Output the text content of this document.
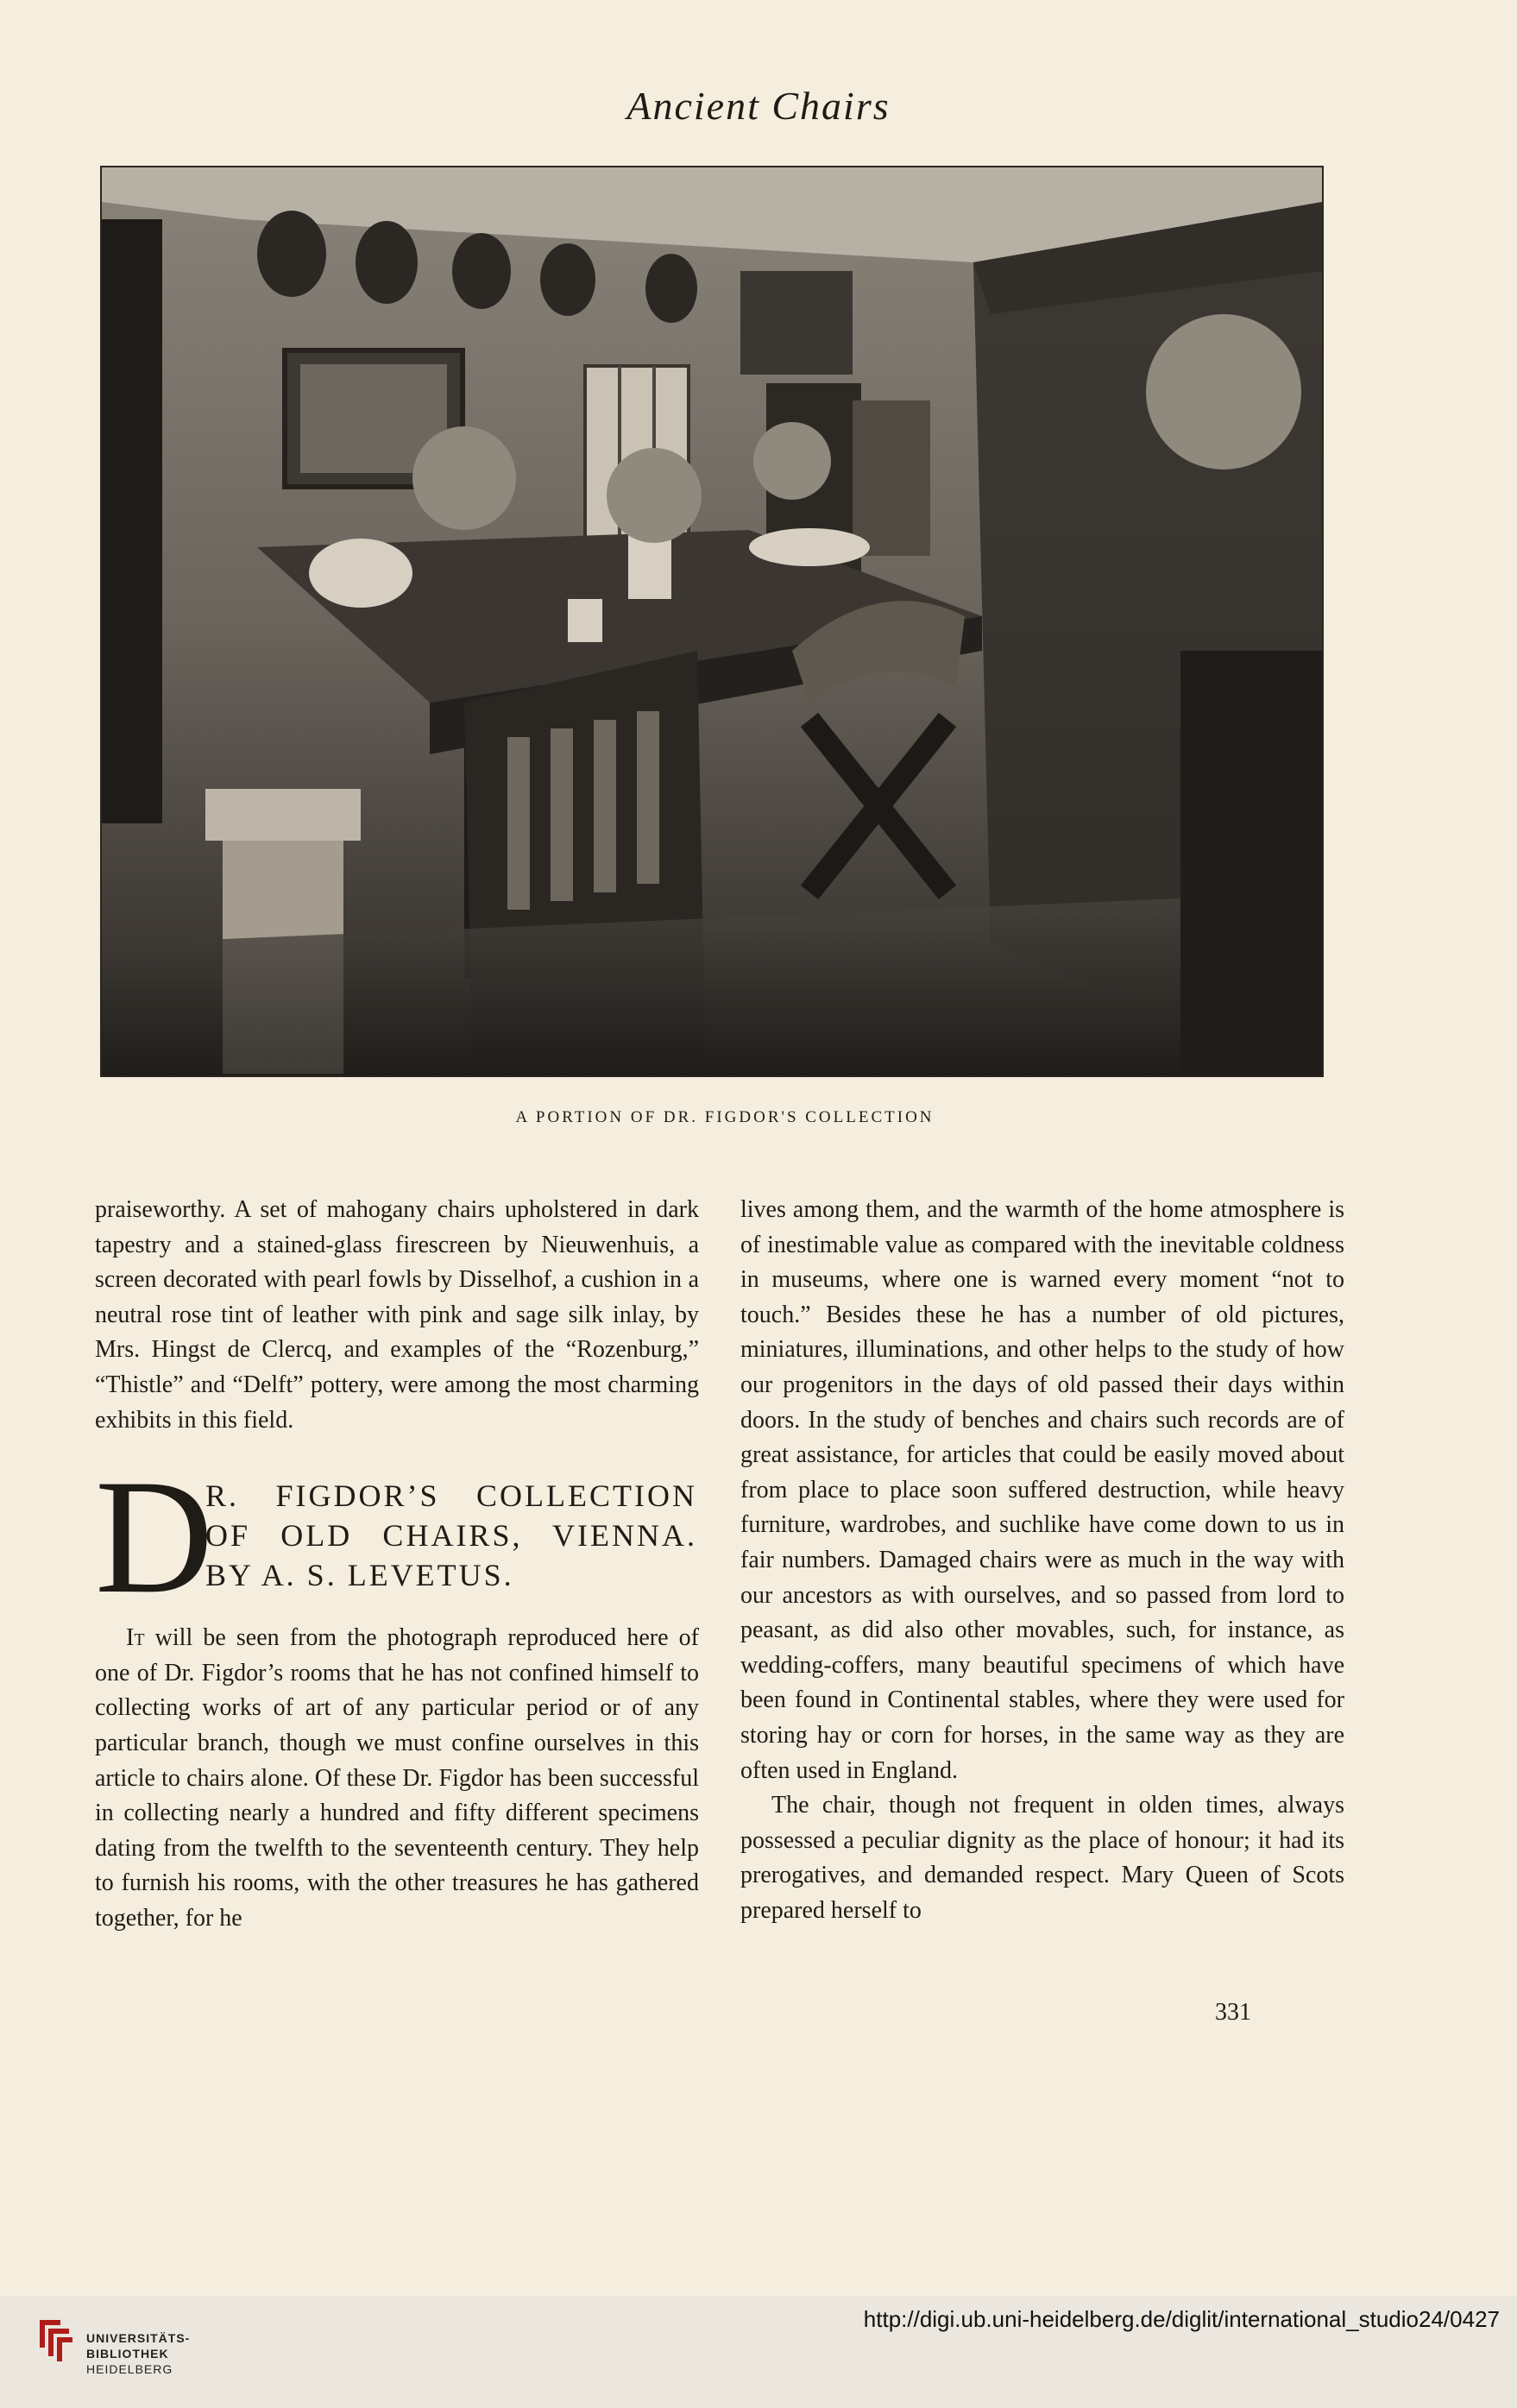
Ancient Chairs
A PORTION OF DR. FIGDOR'S COLLECTION

praiseworthy. A set of mahogany chairs upholstered in dark tapestry and a stained-glass firescreen by Nieuwenhuis, a screen decorated with pearl fowls by Disselhof, a cushion in a neutral rose tint of leather with pink and sage silk inlay, by Mrs. Hingst de Clercq, and examples of the “Rozenburg,” “Thistle” and “Delft” pottery, were among the most charming exhibits in this field.

D
R. FIGDOR’S COLLECTION
OF OLD CHAIRS, VIENNA.
BY A. S. LEVETUS.

It will be seen from the photograph reproduced here of one of Dr. Figdor’s rooms that he has not confined himself to collecting works of art of any particular period or of any particular branch, though we must confine ourselves in this article to chairs alone. Of these Dr. Figdor has been successful in collecting nearly a hundred and fifty different specimens dating from the twelfth to the seventeenth century. They help to furnish his rooms, with the other treasures he has gathered together, for he

lives among them, and the warmth of the home atmosphere is of inestimable value as compared with the inevitable coldness in museums, where one is warned every moment “not to touch.” Besides these he has a number of old pictures, miniatures, illuminations, and other helps to the study of how our progenitors in the days of old passed their days within doors. In the study of benches and chairs such records are of great assistance, for articles that could be easily moved about from place to place soon suffered destruction, while heavy furniture, wardrobes, and suchlike have come down to us in fair numbers. Damaged chairs were as much in the way with our ancestors as with ourselves, and so passed from lord to peasant, as did also other movables, such, for instance, as wedding-coffers, many beautiful specimens of which have been found in Continental stables, where they were used for storing hay or corn for horses, in the same way as they are often used in England.

The chair, though not frequent in olden times, always possessed a peculiar dignity as the place of honour; it had its prerogatives, and demanded respect. Mary Queen of Scots prepared herself to

331
UNIVERSITÄTS-
BIBLIOTHEK
HEIDELBERG
http://digi.ub.uni-heidelberg.de/diglit/international_studio24/0427
